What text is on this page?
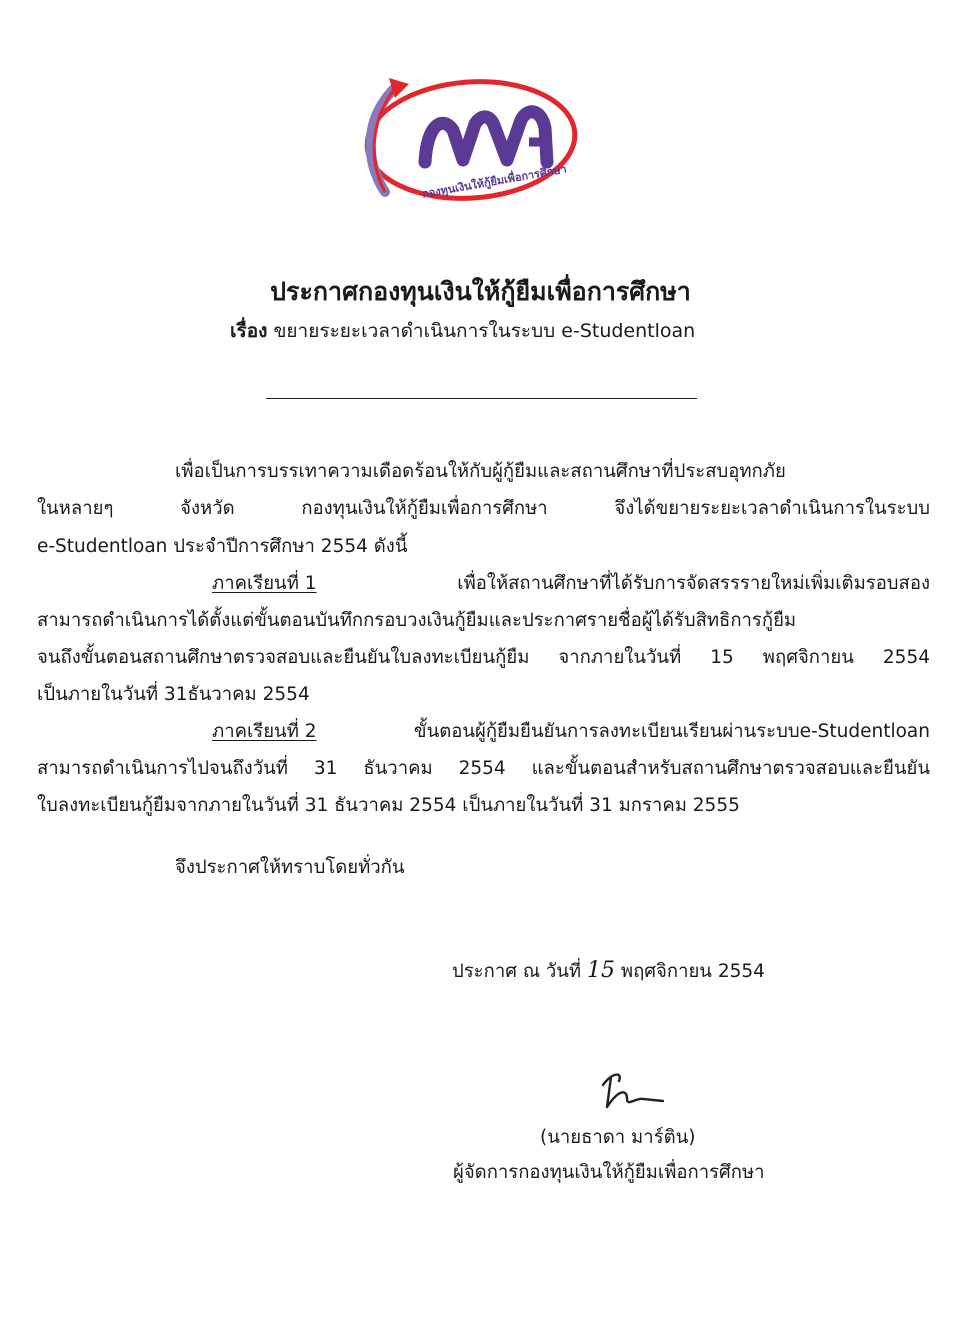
กองทุนเงินให้กู้ยืมเพื่อการศึกษา
ประกาศกองทุนเงินให้กู้ยืมเพื่อการศึกษา
เรื่อง ขยายระยะเวลาดำเนินการในระบบ e-Studentloan
เพื่อเป็นการบรรเทาความเดือดร้อนให้กับผู้กู้ยืมและสถานศึกษาที่ประสบอุทกภัย
ในหลายๆ จังหวัด กองทุนเงินให้กู้ยืมเพื่อการศึกษา จึงได้ขยายระยะเวลาดำเนินการในระบบ
e-Studentloan ประจำปีการศึกษา 2554 ดังนี้
ภาคเรียนที่ 1	เพื่อให้สถานศึกษาที่ได้รับการจัดสรรรายใหม่เพิ่มเติมรอบสอง
สามารถดำเนินการได้ตั้งแต่ขั้นตอนบันทึกกรอบวงเงินกู้ยืมและประกาศรายชื่อผู้ได้รับสิทธิการกู้ยืม
จนถึงขั้นตอนสถานศึกษาตรวจสอบและยืนยันใบลงทะเบียนกู้ยืม จากภายในวันที่ 15 พฤศจิกายน 2554
เป็นภายในวันที่ 31ธันวาคม 2554
ภาคเรียนที่ 2	ขั้นตอนผู้กู้ยืมยืนยันการลงทะเบียนเรียนผ่านระบบe-Studentloan
สามารถดำเนินการไปจนถึงวันที่ 31 ธันวาคม 2554 และขั้นตอนสำหรับสถานศึกษาตรวจสอบและยืนยัน
ใบลงทะเบียนกู้ยืมจากภายในวันที่ 31 ธันวาคม 2554 เป็นภายในวันที่ 31 มกราคม 2555
จึงประกาศให้ทราบโดยทั่วกัน
ประกาศ ณ วันที่ 15 พฤศจิกายน 2554
(นายธาดา มาร์ติน)
ผู้จัดการกองทุนเงินให้กู้ยืมเพื่อการศึกษา
